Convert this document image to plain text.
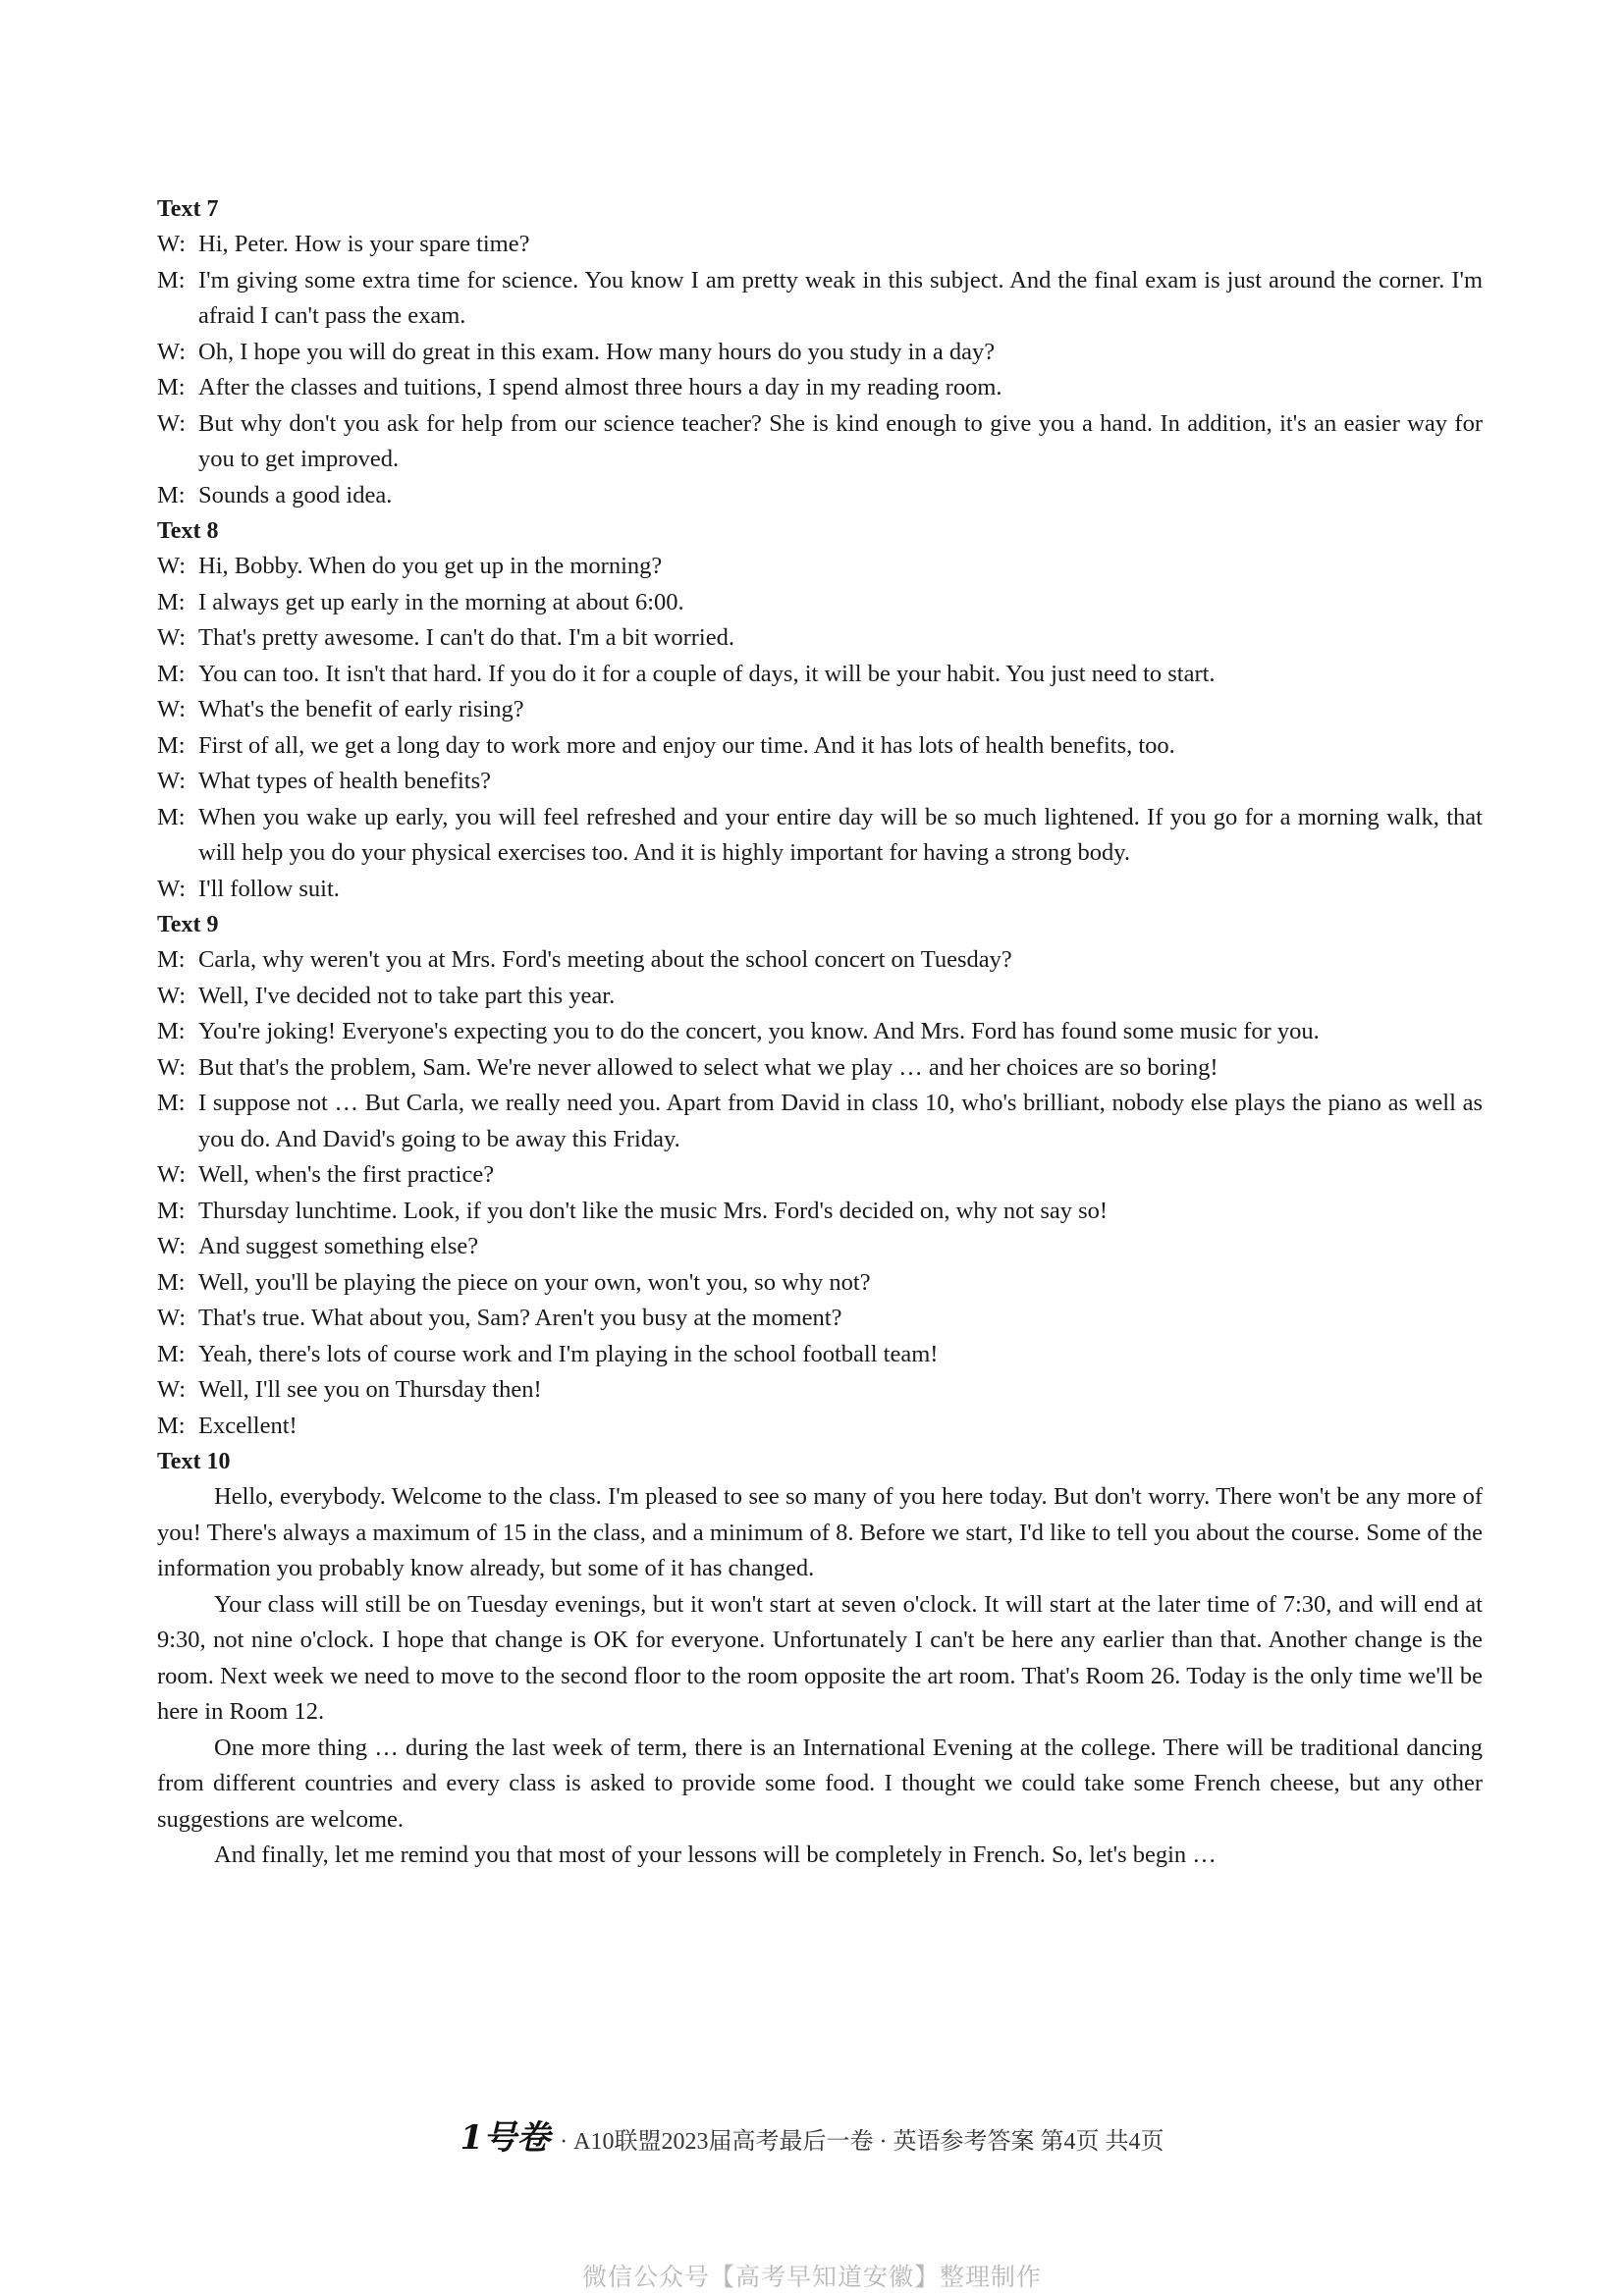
Text 7

W: Hi, Peter. How is your spare time?

M: I'm giving some extra time for science. You know I am pretty weak in this subject. And the final exam is just around the corner. I'm afraid I can't pass the exam.

W: Oh, I hope you will do great in this exam. How many hours do you study in a day?

M: After the classes and tuitions, I spend almost three hours a day in my reading room.

W: But why don't you ask for help from our science teacher? She is kind enough to give you a hand. In addition, it's an easier way for you to get improved.

M: Sounds a good idea.

Text 8

W: Hi, Bobby. When do you get up in the morning?

M: I always get up early in the morning at about 6:00.

W: That's pretty awesome. I can't do that. I'm a bit worried.

M: You can too. It isn't that hard. If you do it for a couple of days, it will be your habit. You just need to start.

W: What's the benefit of early rising?

M: First of all, we get a long day to work more and enjoy our time. And it has lots of health benefits, too.

W: What types of health benefits?

M: When you wake up early, you will feel refreshed and your entire day will be so much lightened. If you go for a morning walk, that will help you do your physical exercises too. And it is highly important for having a strong body.

W: I'll follow suit.

Text 9

M: Carla, why weren't you at Mrs. Ford's meeting about the school concert on Tuesday?

W: Well, I've decided not to take part this year.

M: You're joking! Everyone's expecting you to do the concert, you know. And Mrs. Ford has found some music for you.

W: But that's the problem, Sam. We're never allowed to select what we play … and her choices are so boring!

M: I suppose not … But Carla, we really need you. Apart from David in class 10, who's brilliant, nobody else plays the piano as well as you do. And David's going to be away this Friday.

W: Well, when's the first practice?

M: Thursday lunchtime. Look, if you don't like the music Mrs. Ford's decided on, why not say so!

W: And suggest something else?

M: Well, you'll be playing the piece on your own, won't you, so why not?

W: That's true. What about you, Sam? Aren't you busy at the moment?

M: Yeah, there's lots of course work and I'm playing in the school football team!

W: Well, I'll see you on Thursday then!

M: Excellent!

Text 10

Hello, everybody. Welcome to the class. I'm pleased to see so many of you here today. But don't worry. There won't be any more of you! There's always a maximum of 15 in the class, and a minimum of 8. Before we start, I'd like to tell you about the course. Some of the information you probably know already, but some of it has changed.

Your class will still be on Tuesday evenings, but it won't start at seven o'clock. It will start at the later time of 7:30, and will end at 9:30, not nine o'clock. I hope that change is OK for everyone. Unfortunately I can't be here any earlier than that. Another change is the room. Next week we need to move to the second floor to the room opposite the art room. That's Room 26. Today is the only time we'll be here in Room 12.

One more thing … during the last week of term, there is an International Evening at the college. There will be traditional dancing from different countries and every class is asked to provide some food. I thought we could take some French cheese, but any other suggestions are welcome.

And finally, let me remind you that most of your lessons will be completely in French. So, let's begin …

1号卷 · A10联盟2023届高考最后一卷 · 英语参考答案 第4页 共4页
微信公众号【高考早知道安徽】整理制作
